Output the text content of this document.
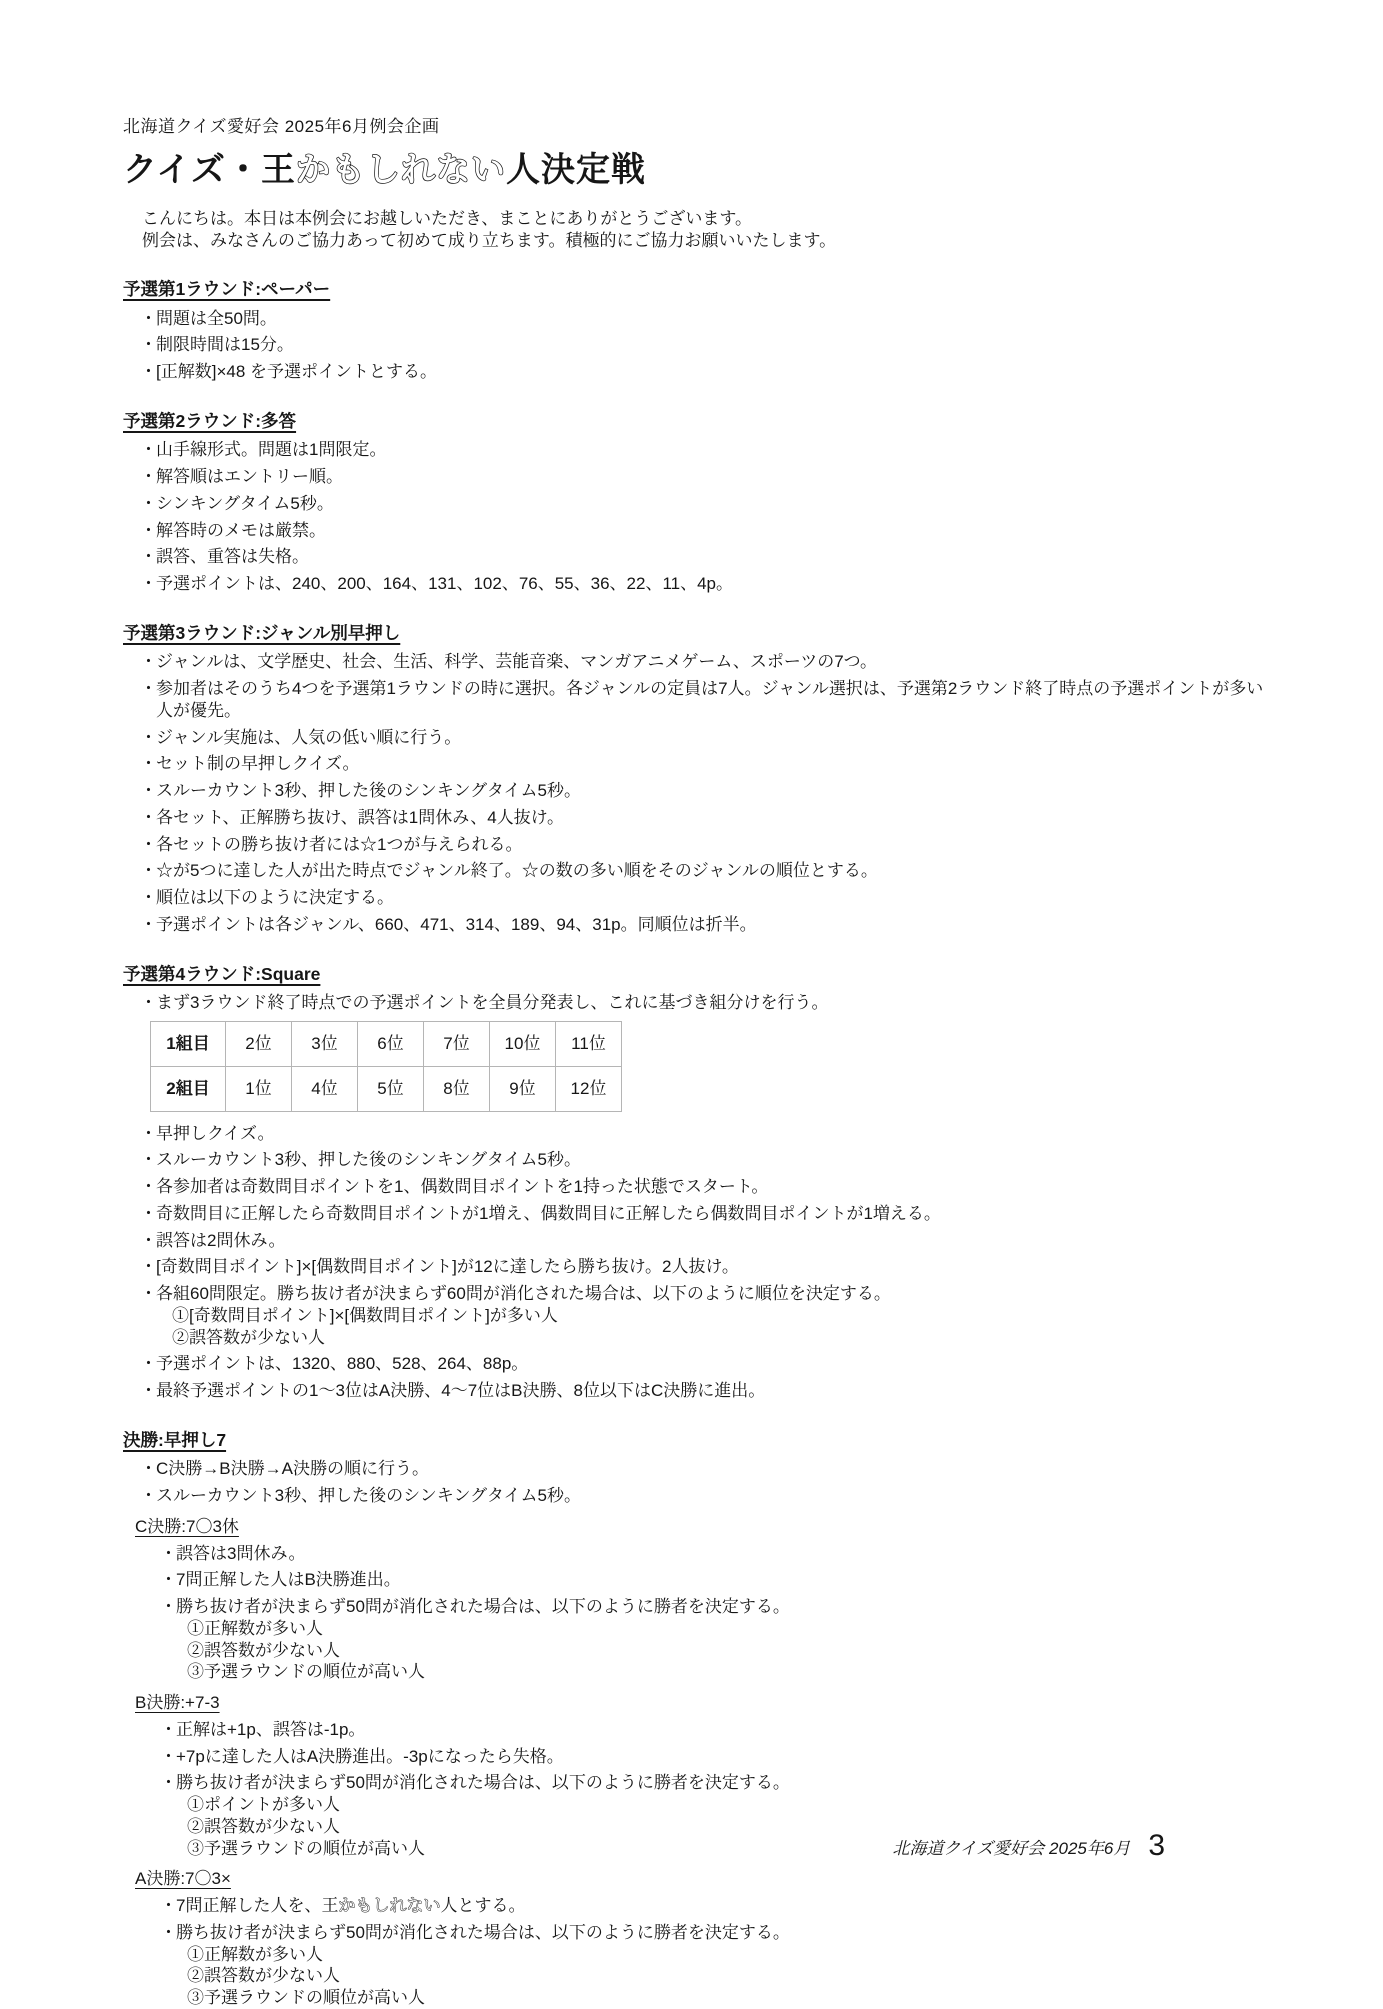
北海道クイズ愛好会 2025年6月例会企画
クイズ・王かもしれない人決定戦

こんにちは。本日は本例会にお越しいただき、まことにありがとうございます。
例会は、みなさんのご協力あって初めて成り立ちます。積極的にご協力お願いいたします。

予選第1ラウンド:ペーパー
・ 問題は全50問。
・ 制限時間は15分。
・ [正解数]×48 を予選ポイントとする。
予選第2ラウンド:多答
・ 山手線形式。問題は1問限定。
・ 解答順はエントリー順。
・ シンキングタイム5秒。
・ 解答時のメモは厳禁。
・ 誤答、重答は失格。
・ 予選ポイントは、240、200、164、131、102、76、55、36、22、11、4p。
予選第3ラウンド:ジャンル別早押し
・ ジャンルは、文学歴史、社会、生活、科学、芸能音楽、マンガアニメゲーム、スポーツの7つ。
・ 参加者はそのうち4つを予選第1ラウンドの時に選択。各ジャンルの定員は7人。ジャンル選択は、予選第2ラウンド終了時点の予選ポイントが多い人が優先。
・ ジャンル実施は、人気の低い順に行う。
・ セット制の早押しクイズ。
・ スルーカウント3秒、押した後のシンキングタイム5秒。
・ 各セット、正解勝ち抜け、誤答は1問休み、4人抜け。
・ 各セットの勝ち抜け者には☆1つが与えられる。
・ ☆が5つに達した人が出た時点でジャンル終了。☆の数の多い順をそのジャンルの順位とする。
・ 順位は以下のように決定する。
・ 予選ポイントは各ジャンル、660、471、314、189、94、31p。同順位は折半。
予選第4ラウンド:Square
・ まず3ラウンド終了時点での予選ポイントを全員分発表し、これに基づき組分けを行う。
1組目	2位	3位	6位	7位	10位	11位
2組目	1位	4位	5位	8位	9位	12位
・ 早押しクイズ。
・ スルーカウント3秒、押した後のシンキングタイム5秒。
・ 各参加者は奇数問目ポイントを1、偶数問目ポイントを1持った状態でスタート。
・ 奇数問目に正解したら奇数問目ポイントが1増え、偶数問目に正解したら偶数問目ポイントが1増える。
・ 誤答は2問休み。
・ [奇数問目ポイント]×[偶数問目ポイント]が12に達したら勝ち抜け。2人抜け。
・ 各組60問限定。勝ち抜け者が決まらず60問が消化された場合は、以下のように順位を決定する。
①[奇数問目ポイント]×[偶数問目ポイント]が多い人
②誤答数が少ない人
・ 予選ポイントは、1320、880、528、264、88p。
・ 最終予選ポイントの1〜3位はA決勝、4〜7位はB決勝、8位以下はC決勝に進出。
決勝:早押し7
・ C決勝→B決勝→A決勝の順に行う。
・ スルーカウント3秒、押した後のシンキングタイム5秒。
C決勝:7〇3休
・ 誤答は3問休み。
・ 7問正解した人はB決勝進出。
・ 勝ち抜け者が決まらず50問が消化された場合は、以下のように勝者を決定する。
①正解数が多い人
②誤答数が少ない人
③予選ラウンドの順位が高い人
B決勝:+7-3
・ 正解は+1p、誤答は-1p。
・ +7pに達した人はA決勝進出。-3pになったら失格。
・ 勝ち抜け者が決まらず50問が消化された場合は、以下のように勝者を決定する。
①ポイントが多い人
②誤答数が少ない人
③予選ラウンドの順位が高い人
A決勝:7〇3×
・ 7問正解した人を、王かもしれない人とする。
・ 勝ち抜け者が決まらず50問が消化された場合は、以下のように勝者を決定する。
①正解数が多い人
②誤答数が少ない人
③予選ラウンドの順位が高い人
北海道クイズ愛好会 2025年6月 3
